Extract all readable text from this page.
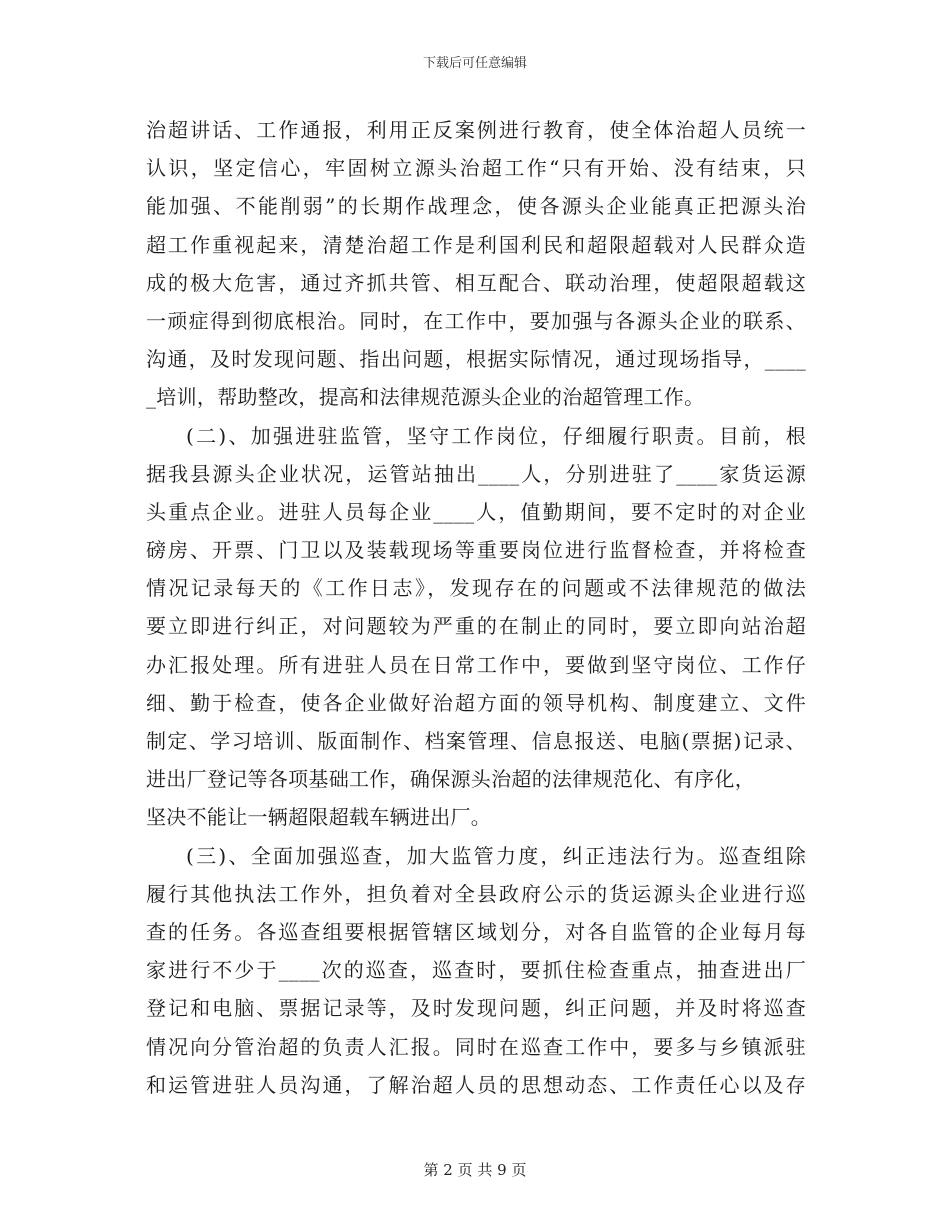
下载后可任意编辑
治超讲话、工作通报，利用正反案例进行教育，使全体治超人员统一
认识，坚定信心，牢固树立源头治超工作“只有开始、没有结束，只
能加强、不能削弱”的长期作战理念，使各源头企业能真正把源头治
超工作重视起来，清楚治超工作是利国利民和超限超载对人民群众造
成的极大危害，通过齐抓共管、相互配合、联动治理，使超限超载这
一顽症得到彻底根治。同时，在工作中，要加强与各源头企业的联系、
沟通，及时发现问题、指出问题，根据实际情况，通过现场指导，____
_培训，帮助整改，提高和法律规范源头企业的治超管理工作。
(二)、加强进驻监管，坚守工作岗位，仔细履行职责。目前，根
据我县源头企业状况，运管站抽出____人，分别进驻了____家货运源
头重点企业。进驻人员每企业____人，值勤期间，要不定时的对企业
磅房、开票、门卫以及装载现场等重要岗位进行监督检查，并将检查
情况记录每天的《工作日志》，发现存在的问题或不法律规范的做法
要立即进行纠正，对问题较为严重的在制止的同时，要立即向站治超
办汇报处理。所有进驻人员在日常工作中，要做到坚守岗位、工作仔
细、勤于检查，使各企业做好治超方面的领导机构、制度建立、文件
制定、学习培训、版面制作、档案管理、信息报送、电脑(票据)记录、
进出厂登记等各项基础工作，确保源头治超的法律规范化、有序化，
坚决不能让一辆超限超载车辆进出厂。
(三)、全面加强巡查，加大监管力度，纠正违法行为。巡查组除
履行其他执法工作外，担负着对全县政府公示的货运源头企业进行巡
查的任务。各巡查组要根据管辖区域划分，对各自监管的企业每月每
家进行不少于____次的巡查，巡查时，要抓住检查重点，抽查进出厂
登记和电脑、票据记录等，及时发现问题，纠正问题，并及时将巡查
情况向分管治超的负责人汇报。同时在巡查工作中，要多与乡镇派驻
和运管进驻人员沟通，了解治超人员的思想动态、工作责任心以及存
第 2 页 共 9 页
